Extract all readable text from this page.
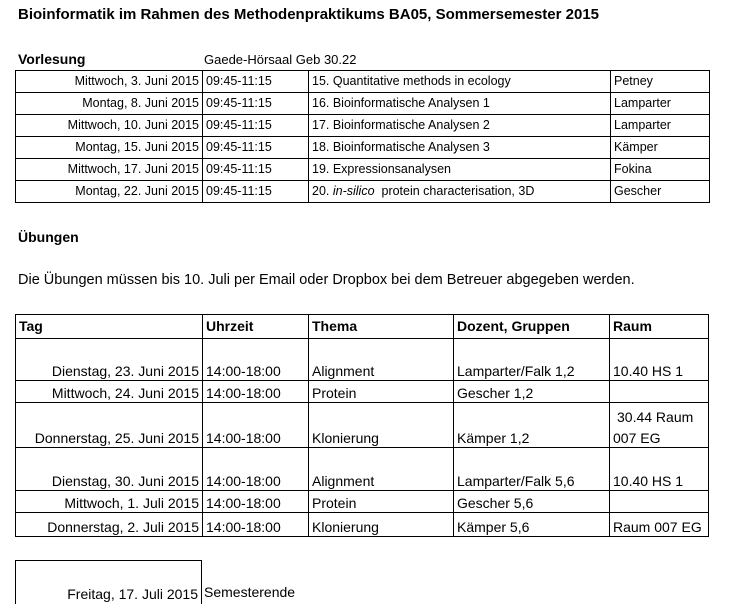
Bioinformatik im Rahmen des Methodenpraktikums BA05, Sommersemester 2015
Vorlesung	Gaede-Hörsaal Geb 30.22
Mittwoch, 3. Juni 2015	09:45-11:15	15. Quantitative methods in ecology	Petney
Montag, 8. Juni 2015	09:45-11:15	16. Bioinformatische Analysen 1	Lamparter
Mittwoch, 10. Juni 2015	09:45-11:15	17. Bioinformatische Analysen 2	Lamparter
Montag, 15. Juni 2015	09:45-11:15	18. Bioinformatische Analysen 3	Kämper
Mittwoch, 17. Juni 2015	09:45-11:15	19. Expressionsanalysen	Fokina
Montag, 22. Juni 2015	09:45-11:15	20. in-silico  protein characterisation, 3D	Gescher
Übungen
Die Übungen müssen bis 10. Juli per Email oder Dropbox bei dem Betreuer abgegeben werden.
Tag	Uhrzeit	Thema	Dozent, Gruppen	Raum
Dienstag, 23. Juni 2015	14:00-18:00	Alignment	Lamparter/Falk 1,2	10.40 HS 1
Mittwoch, 24. Juni 2015	14:00-18:00	Protein	Gescher 1,2	
Donnerstag, 25. Juni 2015	14:00-18:00	Klonierung	Kämper 1,2	30.44 Raum
007 EG

Dienstag, 30. Juni 2015	14:00-18:00	Alignment	Lamparter/Falk 5,6	10.40 HS 1
Mittwoch, 1. Juli 2015	14:00-18:00	Protein	Gescher 5,6	
Donnerstag, 2. Juli 2015	14:00-18:00	Klonierung	Kämper 5,6	Raum 007 EG
Freitag, 17. Juli 2015 Semesterende
